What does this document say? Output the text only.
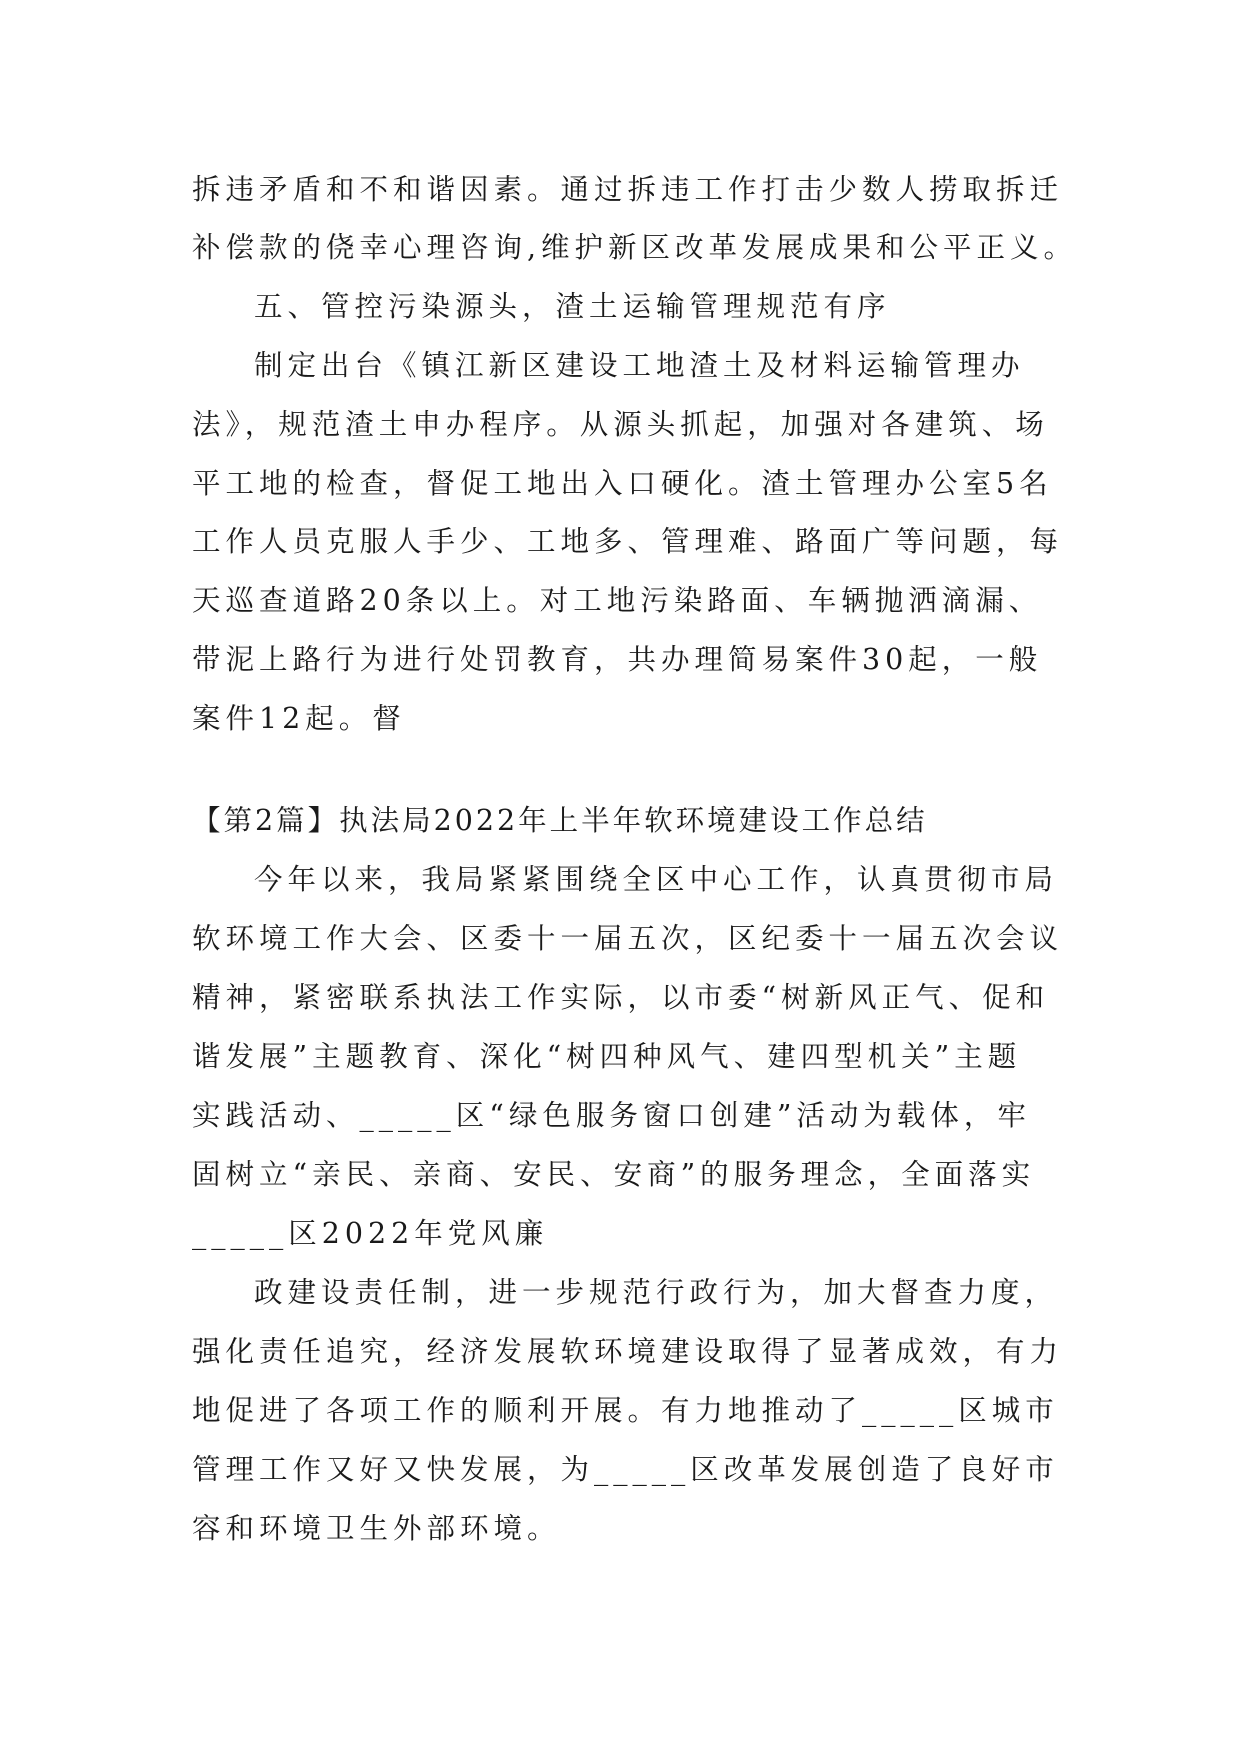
拆违矛盾和不和谐因素。通过拆违工作打击少数人捞取拆迁
补偿款的侥幸心理咨询,维护新区改革发展成果和公平正义。
五、管控污染源头，渣土运输管理规范有序
制定出台《镇江新区建设工地渣土及材料运输管理办
法》，规范渣土申办程序。从源头抓起，加强对各建筑、场
平工地的检查，督促工地出入口硬化。渣土管理办公室5名
工作人员克服人手少、工地多、管理难、路面广等问题，每
天巡查道路20条以上。对工地污染路面、车辆抛洒滴漏、
带泥上路行为进行处罚教育，共办理简易案件30起，一般
案件12起。督
【第2篇】执法局2022年上半年软环境建设工作总结
今年以来，我局紧紧围绕全区中心工作，认真贯彻市局
软环境工作大会、区委十一届五次，区纪委十一届五次会议
精神，紧密联系执法工作实际，以市委“树新风正气、促和
谐发展”主题教育、深化“树四种风气、建四型机关”主题
实践活动、_____区“绿色服务窗口创建”活动为载体，牢
固树立“亲民、亲商、安民、安商”的服务理念，全面落实
_____区2022年党风廉
政建设责任制，进一步规范行政行为，加大督查力度，
强化责任追究，经济发展软环境建设取得了显著成效，有力
地促进了各项工作的顺利开展。有力地推动了_____区城市
管理工作又好又快发展，为_____区改革发展创造了良好市
容和环境卫生外部环境。
